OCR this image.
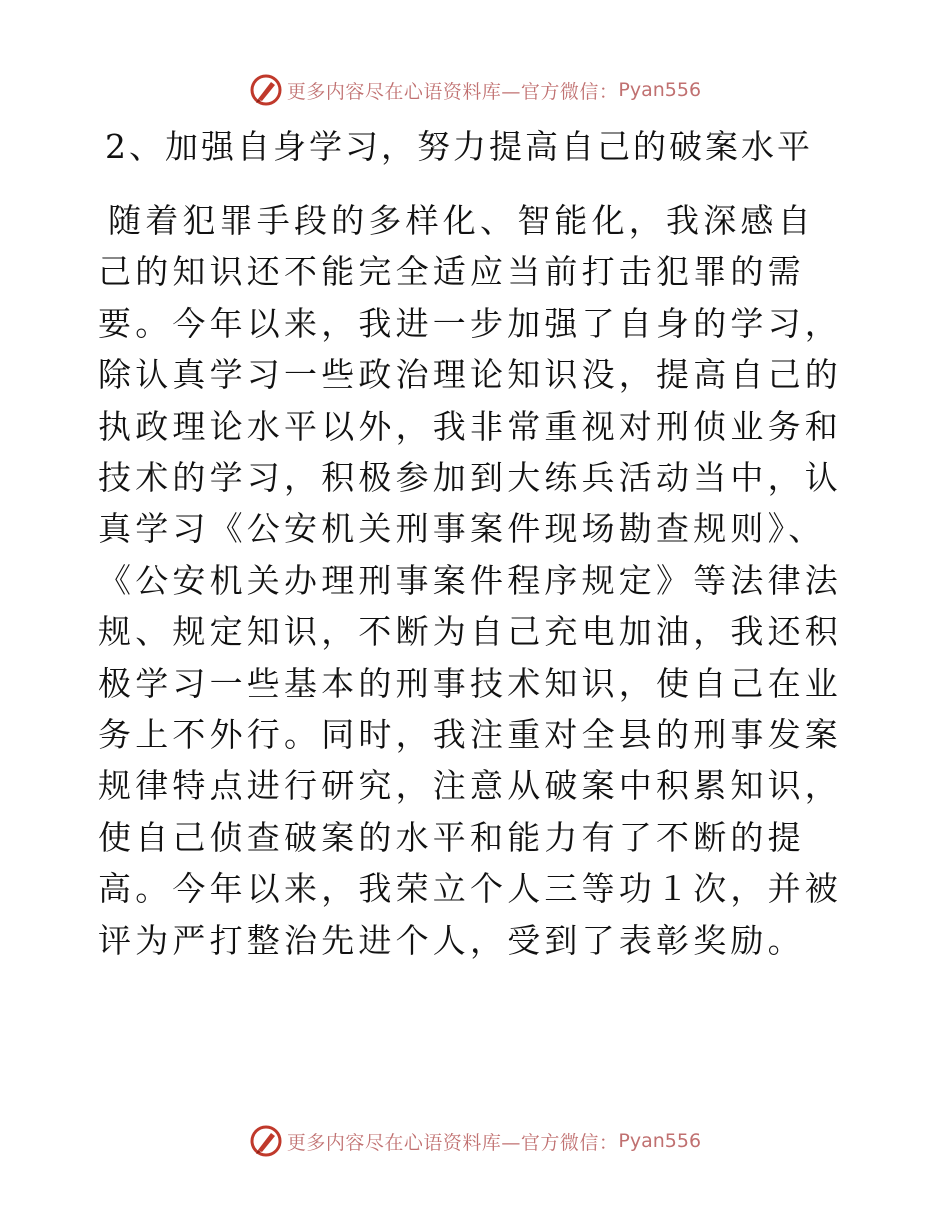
更多内容尽在心语资料库—官方微信： Pyan556
2、加强自身学习，努力提高自己的破案水平

随着犯罪手段的多样化、智能化，我深感自己的知识还不能完全适应当前打击犯罪的需要。今年以来，我进一步加强了自身的学习，除认真学习一些政治理论知识没，提高自己的执政理论水平以外，我非常重视对刑侦业务和技术的学习，积极参加到大练兵活动当中，认真学习《公安机关刑事案件现场勘查规则》、《公安机关办理刑事案件程序规定》等法律法规、规定知识，不断为自己充电加油，我还积极学习一些基本的刑事技术知识，使自己在业务上不外行。同时，我注重对全县的刑事发案规律特点进行研究，注意从破案中积累知识，使自己侦查破案的水平和能力有了不断的提高。今年以来，我荣立个人三等功１次，并被评为严打整治先进个人，受到了表彰奖励。

更多内容尽在心语资料库—官方微信： Pyan556
